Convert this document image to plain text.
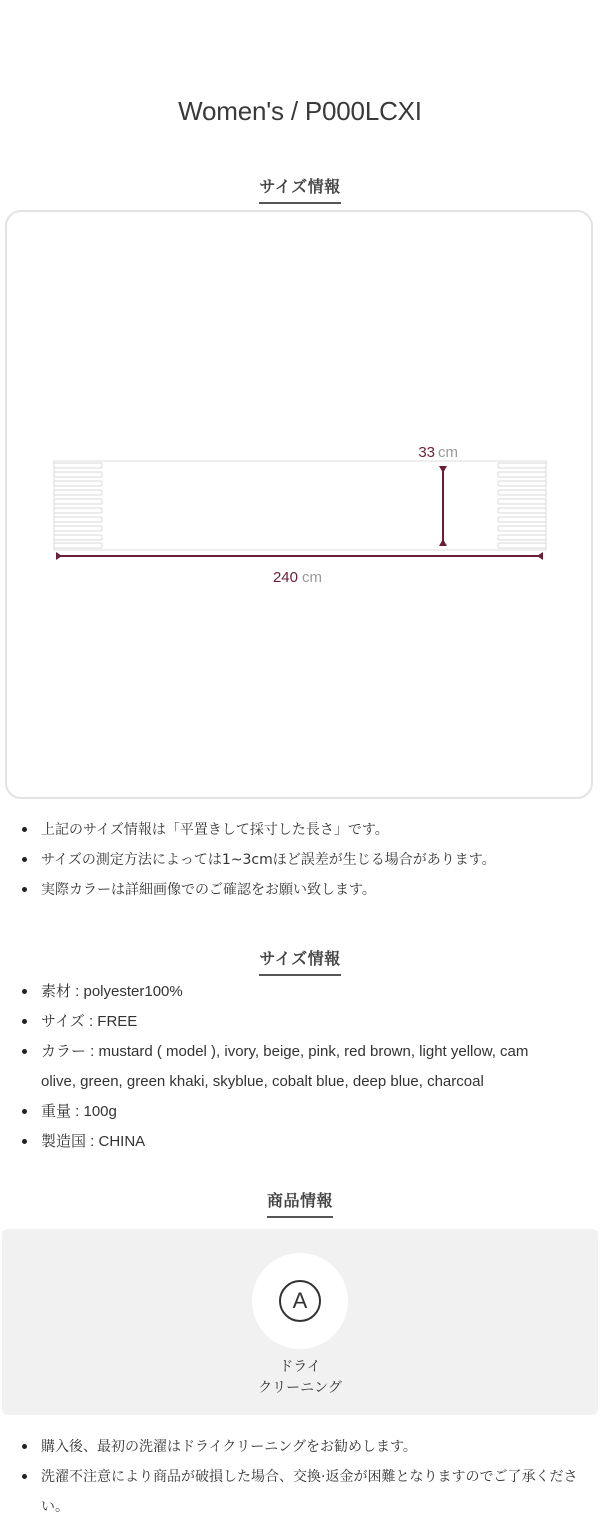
Women's / P000LCXI
サイズ情報
33 cm
240 cm
上記のサイズ情報は「平置きして採寸した長さ」です。
サイズの測定方法によっては1~3cmほど誤差が生じる場合があります。
実際カラーは詳細画像でのご確認をお願い致します。
サイズ情報
素材 : polyester100%
サイズ : FREE
カラー : mustard ( model ), ivory, beige, pink, red brown, light yellow, cam
olive, green, green khaki, skyblue, cobalt blue, deep blue, charcoal
重量 : 100g
製造国 : CHINA
商品情報
A
ドライ
クリーニング
購入後、最初の洗濯はドライクリーニングをお勧めします。
洗濯不注意により商品が破損した場合、交換·返金が困難となりますのでご了承くださ
い。
